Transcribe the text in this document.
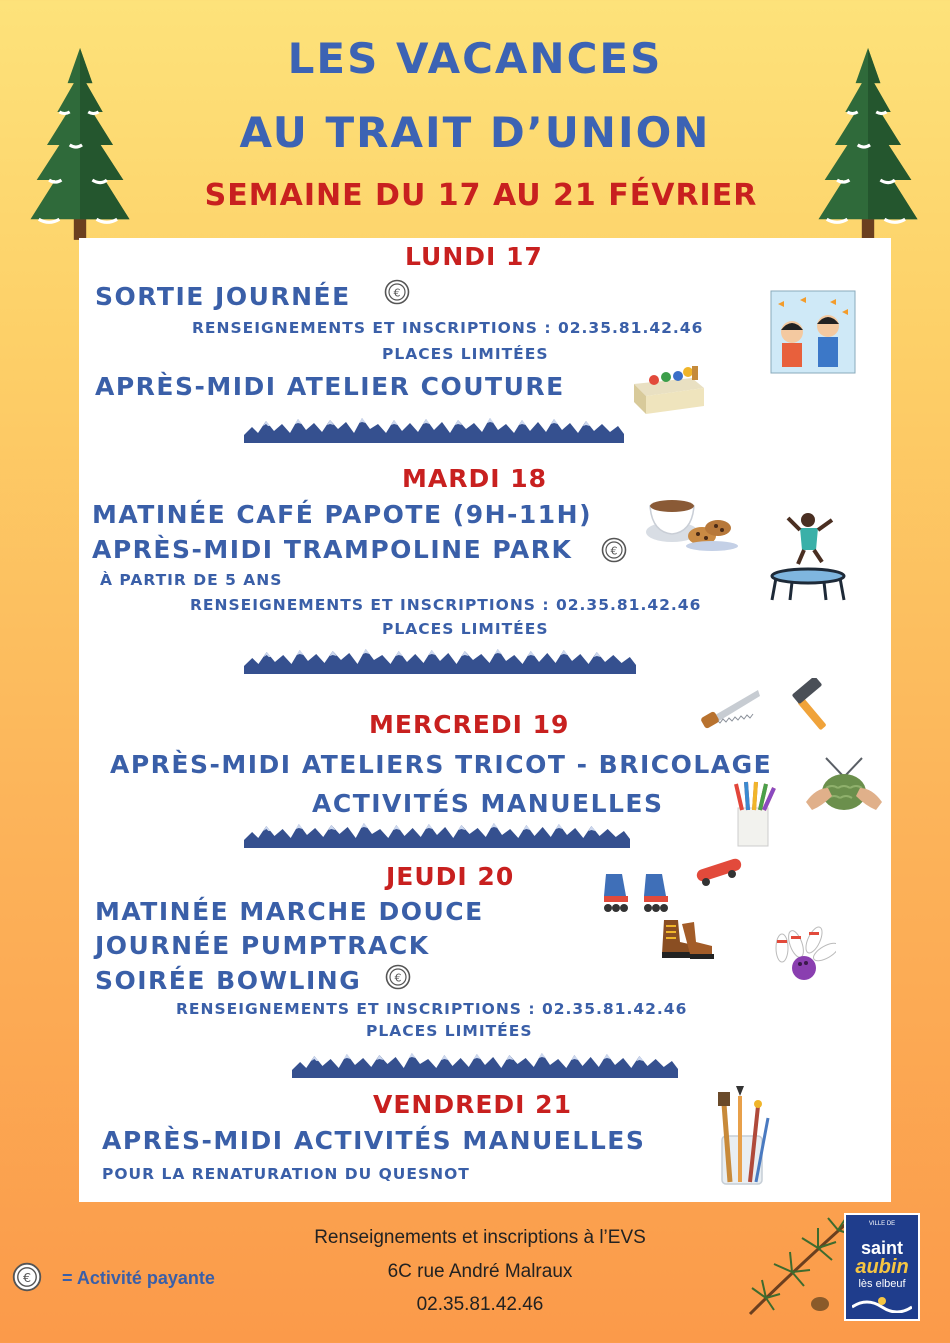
LES VACANCES
AU TRAIT D’UNION
SEMAINE DU 17 AU 21 FÉVRIER
LUNDI 17
SORTIE JOURNÉE
RENSEIGNEMENTS ET INSCRIPTIONS : 02.35.81.42.46
PLACES LIMITÉES
APRÈS-MIDI ATELIER COUTURE
MARDI 18
MATINÉE CAFÉ PAPOTE (9H-11H)
APRÈS-MIDI TRAMPOLINE PARK
À PARTIR DE 5 ANS
RENSEIGNEMENTS ET INSCRIPTIONS : 02.35.81.42.46
PLACES LIMITÉES
MERCREDI 19
APRÈS-MIDI ATELIERS TRICOT - BRICOLAGE
ACTIVITÉS MANUELLES
JEUDI 20
MATINÉE MARCHE DOUCE
JOURNÉE PUMPTRACK
SOIRÉE BOWLING
RENSEIGNEMENTS ET INSCRIPTIONS : 02.35.81.42.46
PLACES LIMITÉES
VENDREDI 21
APRÈS-MIDI ACTIVITÉS MANUELLES
POUR LA RENATURATION DU QUESNOT
Renseignements et inscriptions à l’EVS
6C rue André Malraux
02.35.81.42.46
= Activité payante
VILLE DE
saint
aubin
lès elbeuf
